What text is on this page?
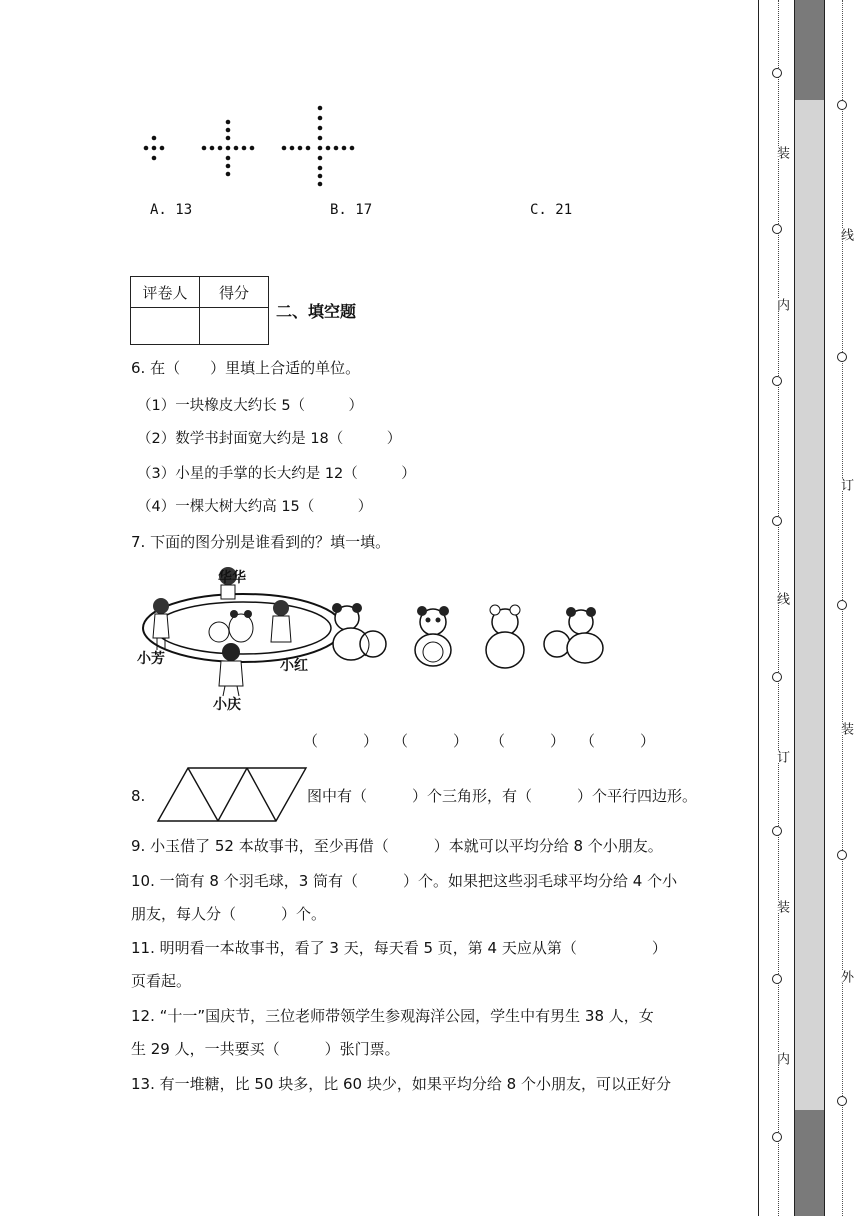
A. 13	B. 17	C. 21
评卷人	得分

二、填空题
6. 在（　　）里填上合适的单位。
（1）一块橡皮大约长 5（　　　）
（2）数学书封面宽大约是 18（　　　）
（3）小星的手掌的长大约是 12（　　　）
（4）一棵大树大约高 15（　　　）
7. 下面的图分别是谁看到的？填一填。
华华
小芳	小红
小庆
（　　　） （　　　） （　　　） （　　　）
8.	图中有（　　　）个三角形，有（　　　）个平行四边形。
9. 小玉借了 52 本故事书，至少再借（　　　）本就可以平均分给 8 个小朋友。
10. 一筒有 8 个羽毛球，3 筒有（　　　）个。如果把这些羽毛球平均分给 4 个小
朋友，每人分（　　　）个。
11. 明明看一本故事书，看了 3 天，每天看 5 页，第 4 天应从第（　　　　　）
页看起。
12. “十一”国庆节，三位老师带领学生参观海洋公园，学生中有男生 38 人，女
生 29 人，一共要买（　　　）张门票。
13. 有一堆糖，比 50 块多，比 60 块少，如果平均分给 8 个小朋友，可以正好分
装
内
线
订
装
内
线
订
装
外
